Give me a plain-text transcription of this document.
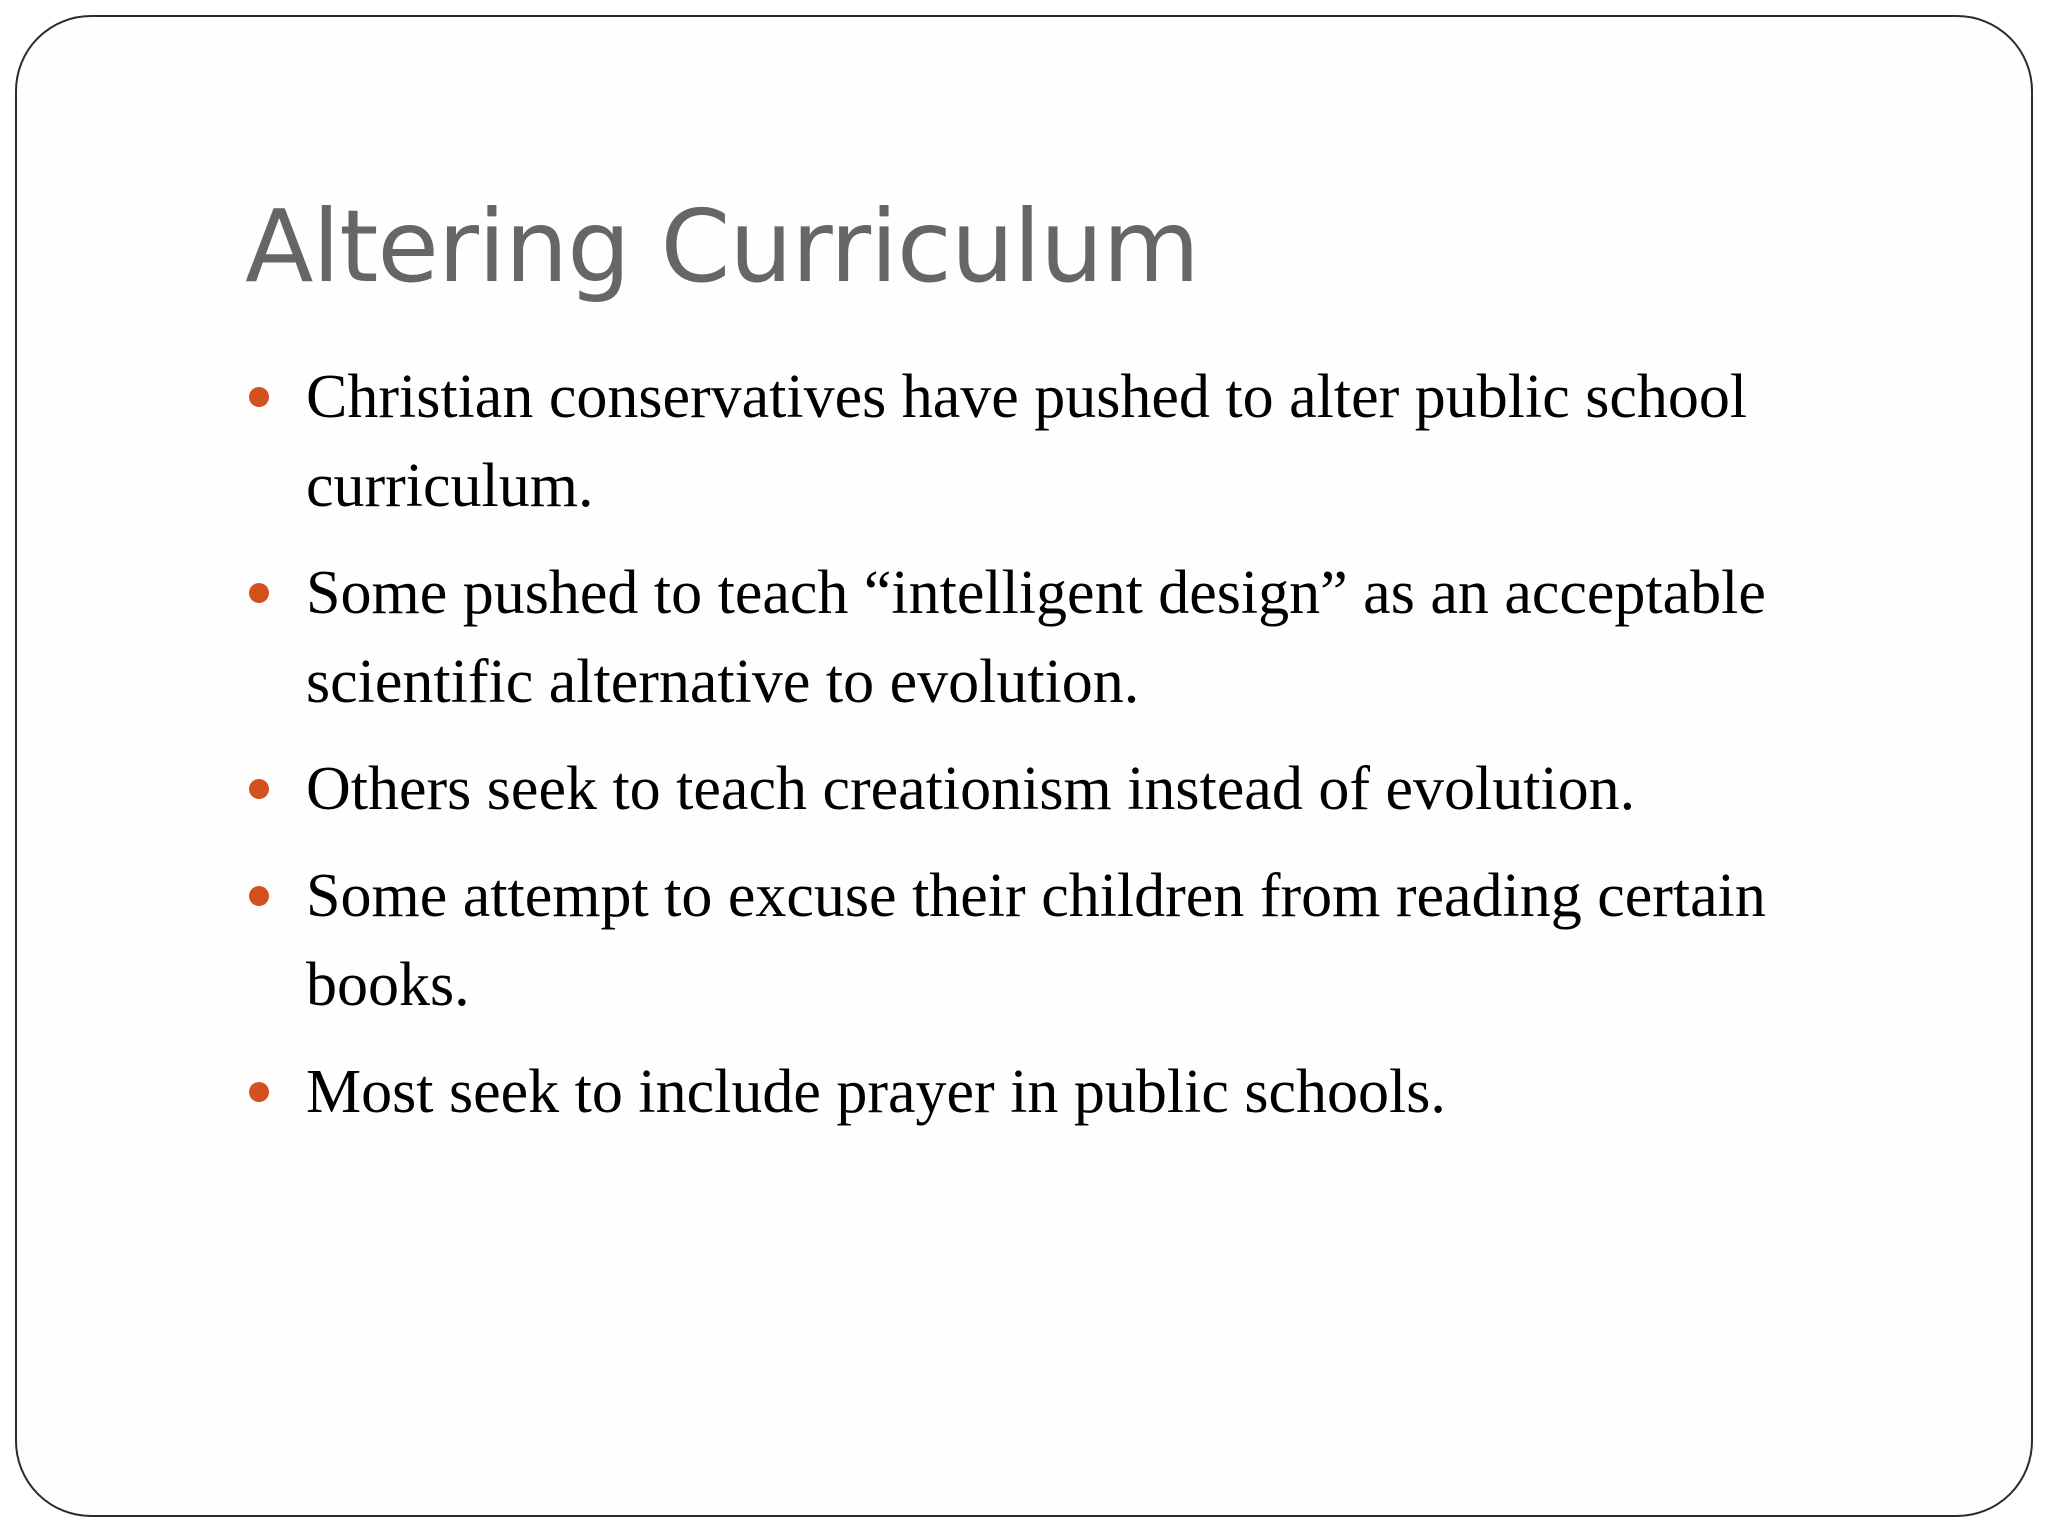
Altering Curriculum
Christian conservatives have pushed to alter public school curriculum.
Some pushed to teach “intelligent design” as an acceptable scientific alternative to evolution.
Others seek to teach creationism instead of evolution.
Some attempt to excuse their children from reading certain books.
Most seek to include prayer in public schools.
